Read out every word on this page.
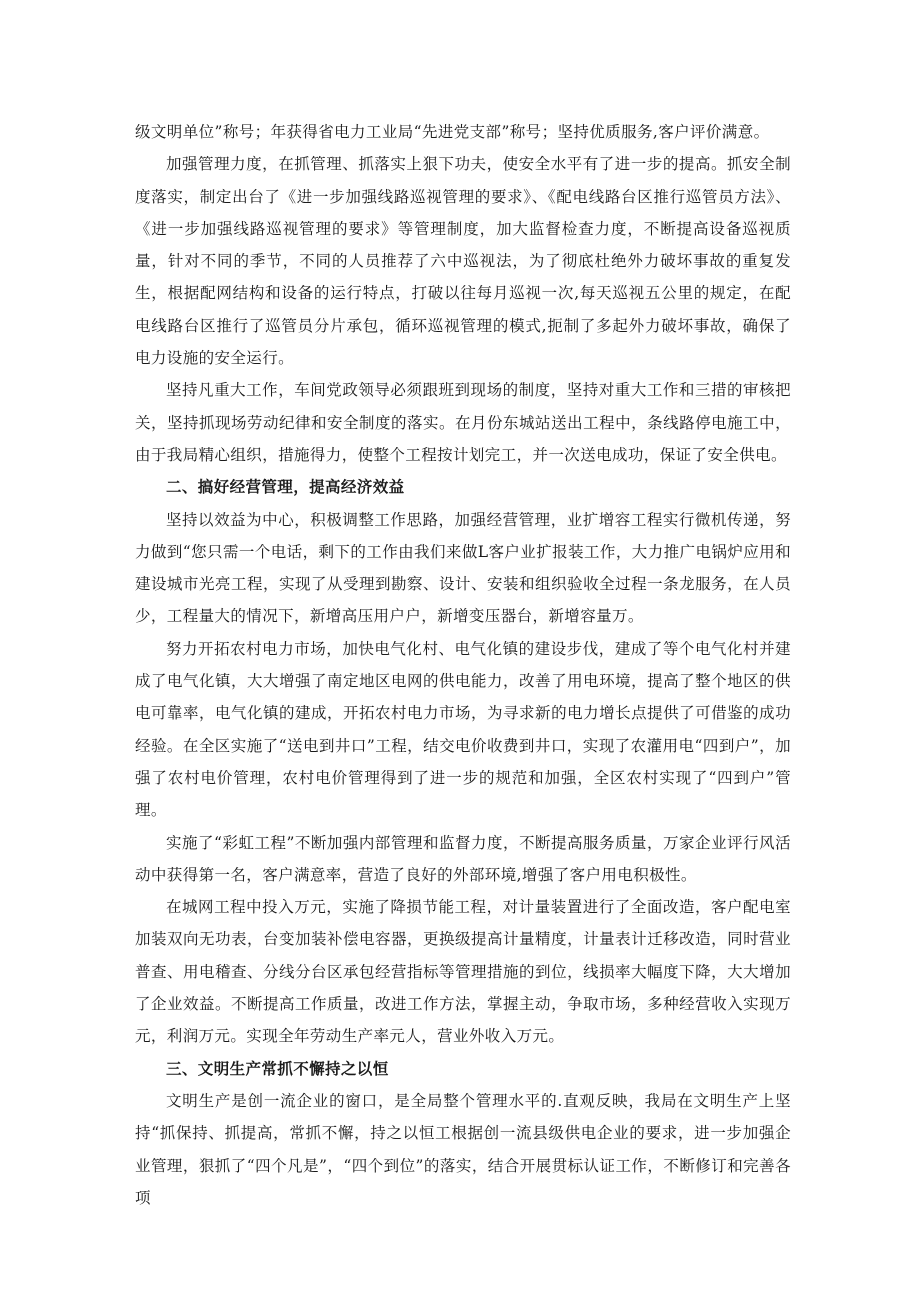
级文明单位”称号；年获得省电力工业局“先进党支部”称号；坚持优质服务,客户评价满意。

加强管理力度，在抓管理、抓落实上狠下功夫，使安全水平有了进一步的提高。抓安全制度落实，制定出台了《进一步加强线路巡视管理的要求》、《配电线路台区推行巡管员方法》、《进一步加强线路巡视管理的要求》等管理制度，加大监督检查力度，不断提高设备巡视质量，针对不同的季节，不同的人员推荐了六中巡视法，为了彻底杜绝外力破坏事故的重复发生，根据配网结构和设备的运行特点，打破以往每月巡视一次,每天巡视五公里的规定，在配电线路台区推行了巡管员分片承包，循环巡视管理的模式,扼制了多起外力破坏事故，确保了电力设施的安全运行。

坚持凡重大工作，车间党政领导必须跟班到现场的制度，坚持对重大工作和三措的审核把关，坚持抓现场劳动纪律和安全制度的落实。在月份东城站送出工程中，条线路停电施工中，由于我局精心组织，措施得力，使整个工程按计划完工，并一次送电成功，保证了安全供电。

二、搞好经营管理，提高经济效益

坚持以效益为中心，积极调整工作思路，加强经营管理，业扩增容工程实行微机传递，努力做到“您只需一个电话，剩下的工作由我们来做L客户业扩报装工作，大力推广电锅炉应用和建设城市光亮工程，实现了从受理到勘察、设计、安装和组织验收全过程一条龙服务，在人员少，工程量大的情况下，新增高压用户户，新增变压器台，新增容量万。

努力开拓农村电力市场，加快电气化村、电气化镇的建设步伐，建成了等个电气化村并建成了电气化镇，大大增强了南定地区电网的供电能力，改善了用电环境，提高了整个地区的供电可靠率，电气化镇的建成，开拓农村电力市场，为寻求新的电力增长点提供了可借鉴的成功经验。在全区实施了“送电到井口”工程，结交电价收费到井口，实现了农灌用电“四到户”，加强了农村电价管理，农村电价管理得到了进一步的规范和加强，全区农村实现了“四到户”管理。

实施了“彩虹工程”不断加强内部管理和监督力度，不断提高服务质量，万家企业评行风活动中获得第一名，客户满意率，营造了良好的外部环境,增强了客户用电积极性。

在城网工程中投入万元，实施了降损节能工程，对计量装置进行了全面改造，客户配电室加装双向无功表，台变加装补偿电容器，更换级提高计量精度，计量表计迁移改造，同时营业普查、用电稽查、分线分台区承包经营指标等管理措施的到位，线损率大幅度下降，大大增加了企业效益。不断提高工作质量，改进工作方法，掌握主动，争取市场，多种经营收入实现万元，利润万元。实现全年劳动生产率元人，营业外收入万元。

三、文明生产常抓不懈持之以恒

文明生产是创一流企业的窗口，是全局整个管理水平的.直观反映，我局在文明生产上坚持“抓保持、抓提高，常抓不懈，持之以恒工根据创一流县级供电企业的要求，进一步加强企业管理，狠抓了“四个凡是”，“四个到位”的落实，结合开展贯标认证工作，不断修订和完善各项
